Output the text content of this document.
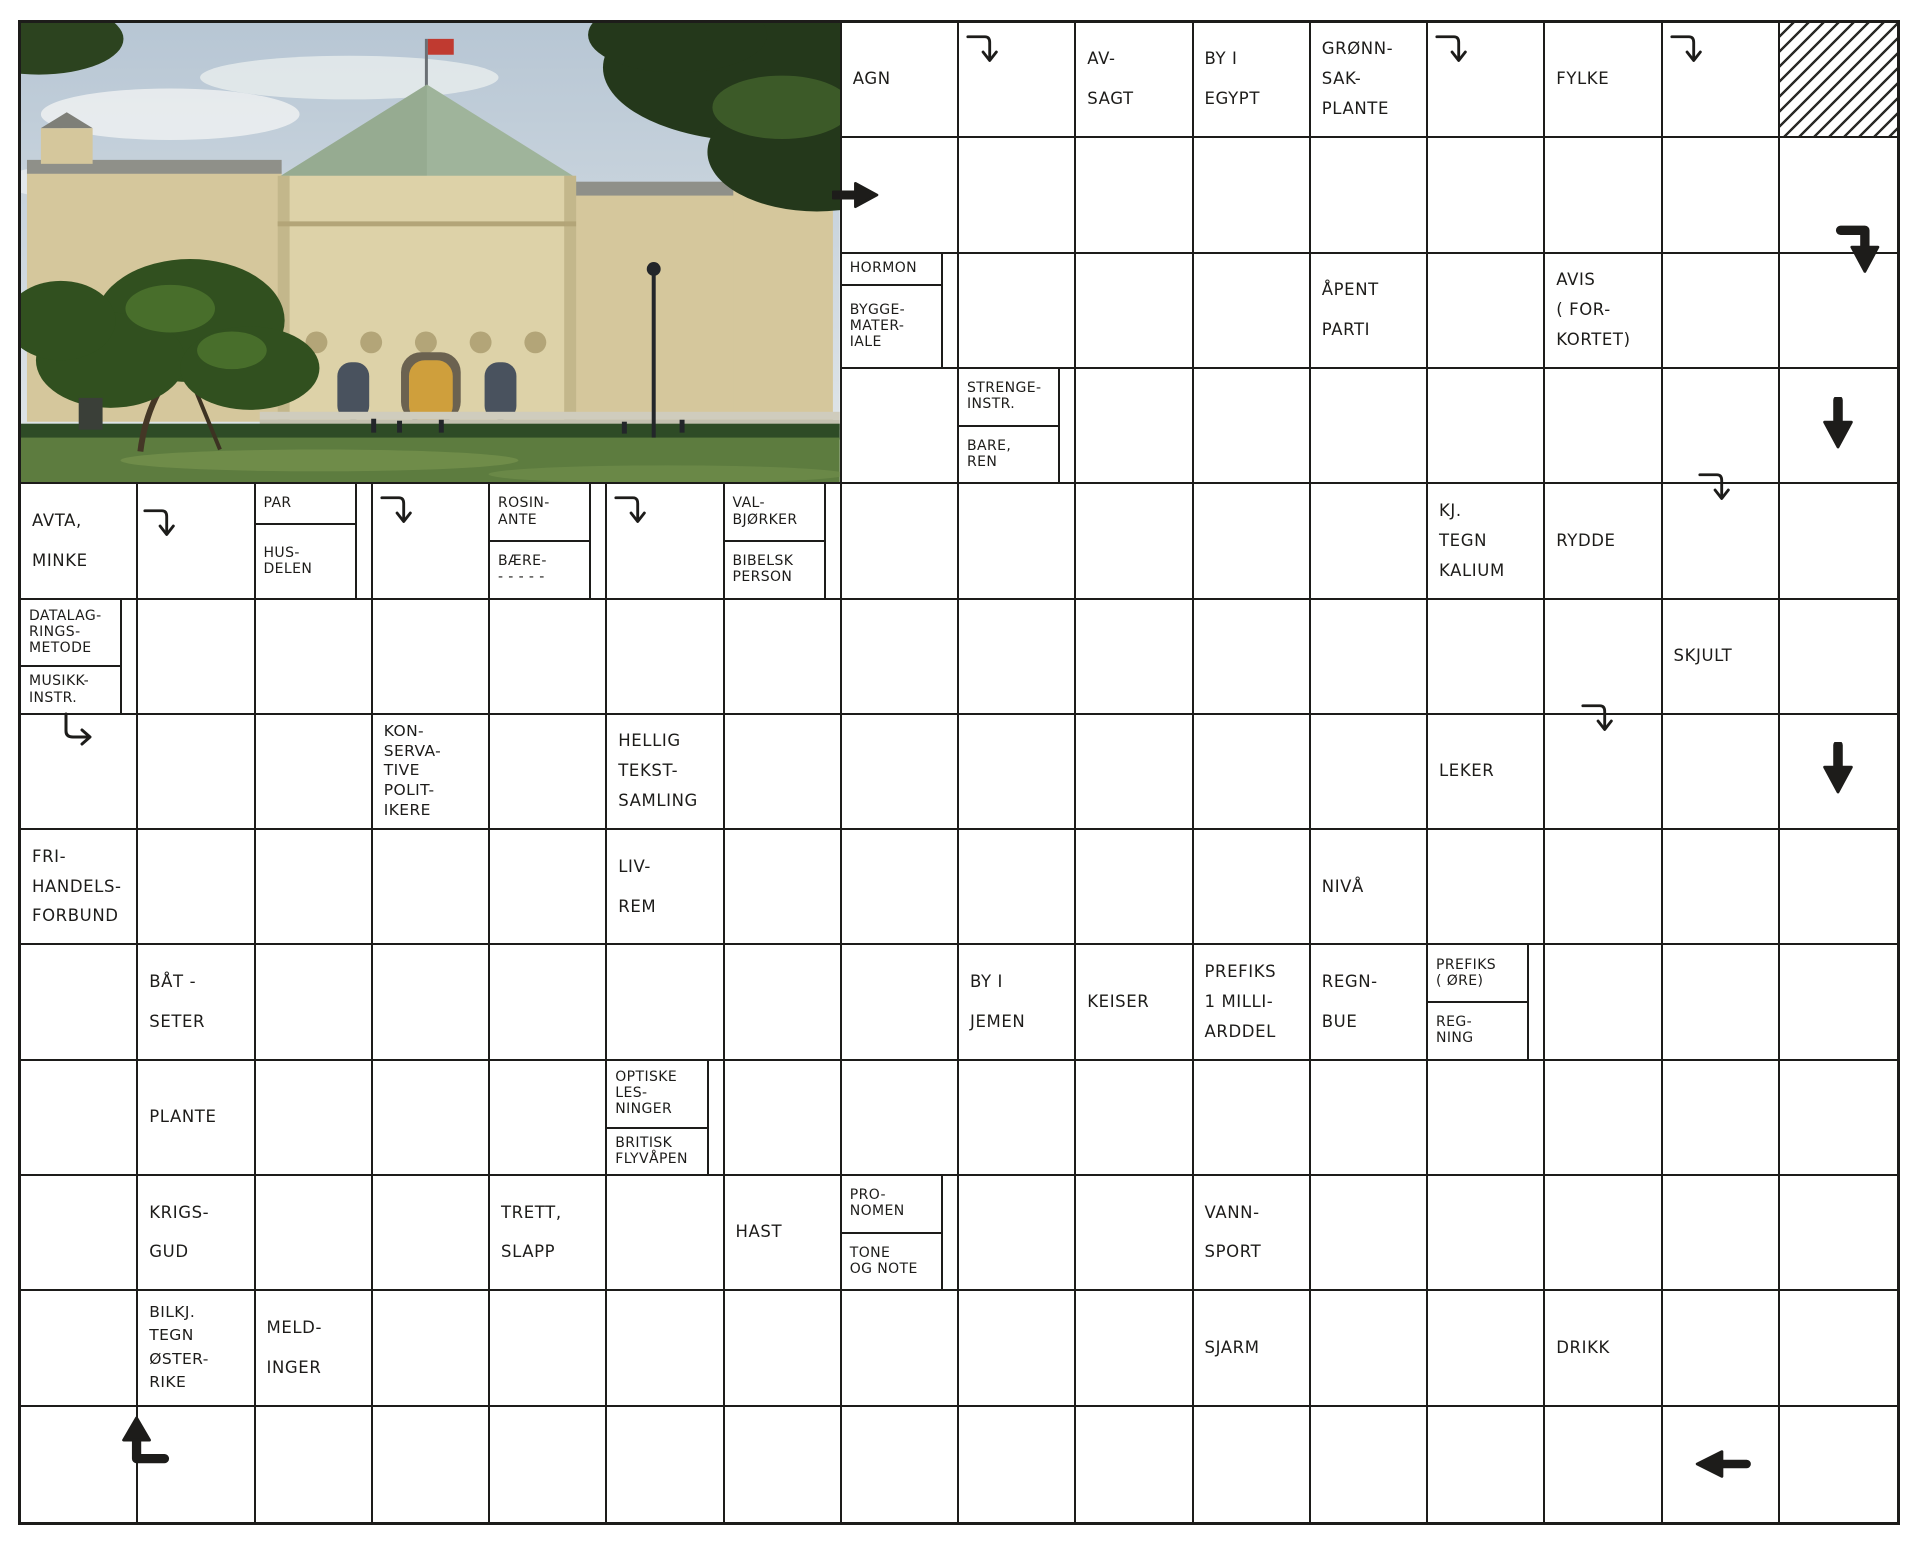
AGN
AV-
SAGT
BY I
EGYPT
GRØNN-
SAK-
PLANTE
FYLKE
HORMON
BYGGE-
MATER-
IALE
ÅPENT
PARTI
AVIS
( FOR-
KORTET)
STRENGE-
INSTR.
BARE,
REN
AVTA,
MINKE
PAR
HUS-
DELEN
ROSIN-
ANTE
BÆRE-
- - - - -
VAL-
BJØRKER
BIBELSK
PERSON
KJ.
TEGN
KALIUM
RYDDE
DATALAG-
RINGS-
METODE
MUSIKK-
INSTR.
SKJULT
KON-
SERVA-
TIVE
POLIT-
IKERE
HELLIG
TEKST-
SAMLING
LEKER
FRI-
HANDELS-
FORBUND
LIV-
REM
NIVÅ
BÅT -
SETER
BY I
JEMEN
KEISER
PREFIKS
1 MILLI-
ARDDEL
REGN-
BUE
PREFIKS
( ØRE)
REG-
NING
PLANTE
OPTISKE
LES-
NINGER
BRITISK
FLYVÅPEN
KRIGS-
GUD
TRETT,
SLAPP
HAST
PRO-
NOMEN
TONE
OG NOTE
VANN-
SPORT
BILKJ.
TEGN
ØSTER-
RIKE
MELD-
INGER
SJARM	DRIKK
